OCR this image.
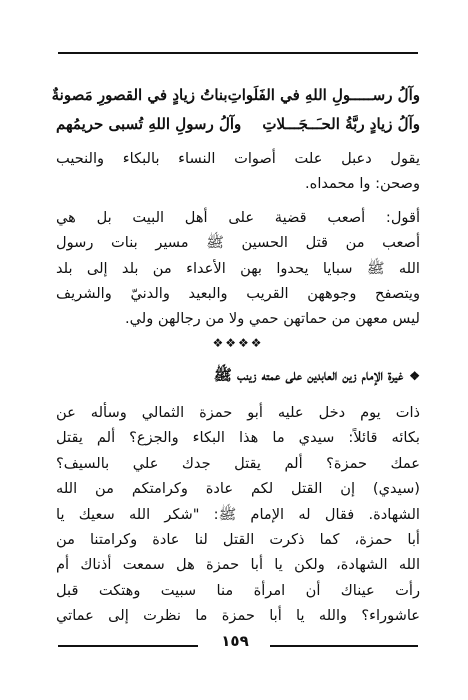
وآلُ رســـــولِ اللهِ في الفَلَواتِ
بناتُ زيادٍ في القصورِ مَصونةٌ
وآلُ زيادٍ ربَّةُ الحـَــجَـــلاتِ
وآلُ رسولِ اللهِ تُسبى حريمُهم
يقول دعبل علت أصوات النساء بالبكاء والنحيب
وصحن: وا محمداه.
أقول: أصعب قضية على أهل البيت بل هي
أصعب من قتل الحسين ﷺ مسير بنات رسول
الله ﷺ سبايا يحدوا بهن الأعداء من بلد إلى بلد
ويتصفح وجوههن القريب والبعيد والدنيّ والشريف
ليس معهن من حماتهن حمي ولا من رجالهن ولي.
❖❖❖❖
❖غيرة الإمام زين العابدين على عمته زينب ﷺ
ذات يوم دخل عليه أبو حمزة الثمالي وسأله عن
بكائه قائلاً: سيدي ما هذا البكاء والجزع؟ ألم يقتل
عمك حمزة؟ ألم يقتل جدك علي بالسيف؟
(سيدي) إن القتل لكم عادة وكرامتكم من الله
الشهادة. فقال له الإمام ﷺ: "شكر الله سعيك يا
أبا حمزة، كما ذكرت القتل لنا عادة وكرامتنا من
الله الشهادة، ولكن يا أبا حمزة هل سمعت أذناك أم
رأت عيناك أن امرأة منا سبيت وهتكت قبل
عاشوراء؟ والله يا أبا حمزة ما نظرت إلى عماتي
١٥٩
